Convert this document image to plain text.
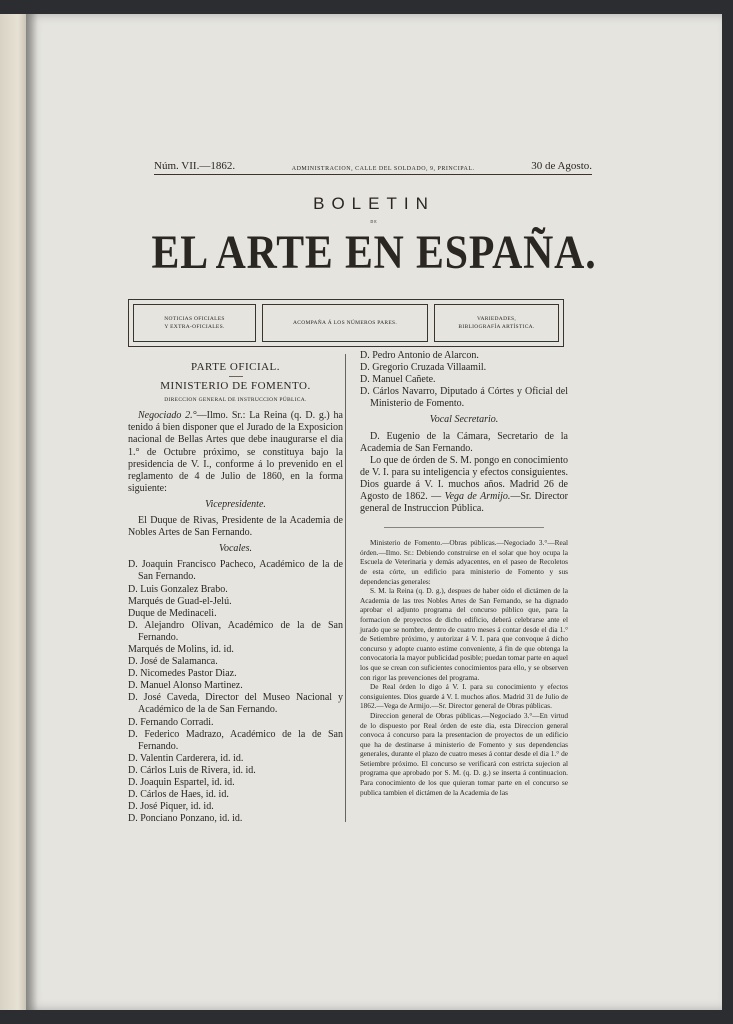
Núm. VII.—1862.	ADMINISTRACION, CALLE DEL SOLDADO, 9, PRINCIPAL.	30 de Agosto.
BOLETIN
DE
EL ARTE EN ESPAÑA.
NOTICIAS OFICIALES
Y EXTRA-OFICIALES.
ACOMPAÑA Á LOS NÚMEROS PARES.
VARIEDADES,
BIBLIOGRAFÍA ARTÍSTICA.
PARTE OFICIAL.
MINISTERIO DE FOMENTO.
DIRECCION GENERAL DE INSTRUCCION PÚBLICA.

Negociado 2.°—Ilmo. Sr.: La Reina (q. D. g.) ha tenido á bien disponer que el Jurado de la Exposicion nacional de Bellas Artes que debe inaugurarse el dia 1.° de Octubre próximo, se constituya bajo la presidencia de V. I., conforme á lo prevenido en el reglamento de 4 de Julio de 1860, en la forma siguiente:

Vicepresidente.

El Duque de Rivas, Presidente de la Academia de Nobles Artes de San Fernando.

Vocales.

D. Joaquin Francisco Pacheco, Académico de la de San Fernando.

D. Luis Gonzalez Brabo.

Marqués de Guad-el-Jelú.

Duque de Medinaceli.

D. Alejandro Olivan, Académico de la de San Fernando.

Marqués de Molins, id. id.

D. José de Salamanca.

D. Nicomedes Pastor Diaz.

D. Manuel Alonso Martinez.

D. José Caveda, Director del Museo Nacional y Académico de la de San Fernando.

D. Fernando Corradi.

D. Federico Madrazo, Académico de la de San Fernando.

D. Valentin Carderera, id. id.

D. Cárlos Luis de Rivera, id. id.

D. Joaquin Espartel, id. id.

D. Cárlos de Haes, id. id.

D. José Piquer, id. id.

D. Ponciano Ponzano, id. id.

D. Pedro Antonio de Alarcon.

D. Gregorio Cruzada Villaamil.

D. Manuel Cañete.

D. Cárlos Navarro, Diputado á Córtes y Oficial del Ministerio de Fomento.

Vocal Secretario.

D. Eugenio de la Cámara, Secretario de la Academia de San Fernando.

Lo que de órden de S. M. pongo en conocimiento de V. I. para su inteligencia y efectos consiguientes. Dios guarde á V. I. muchos años. Madrid 26 de Agosto de 1862. — Vega de Armijo.—Sr. Director general de Instruccion Pública.

Ministerio de Fomento.—Obras públicas.—Negociado 3.°—Real órden.—Ilmo. Sr.: Debiendo construirse en el solar que hoy ocupa la Escuela de Veterinaria y demás adyacentes, en el paseo de Recoletos de esta córte, un edificio para ministerio de Fomento y sus dependencias generales:

S. M. la Reina (q. D. g.), despues de haber oido el dictámen de la Academia de las tres Nobles Artes de San Fernando, se ha dignado aprobar el adjunto programa del concurso público que, para la formacion de proyectos de dicho edificio, deberá celebrarse ante el jurado que se nombre, dentro de cuatro meses á contar desde el dia 1.° de Setiembre próximo, y autorizar á V. I. para que convoque á dicho concurso y adopte cuanto estime conveniente, á fin de que obtenga la convocatoria la mayor publicidad posible; puedan tomar parte en aquel los que se crean con suficientes conocimientos para ello, y se observen con rigor las prevenciones del programa.

De Real órden lo digo á V. I. para su conocimiento y efectos consiguientes. Dios guarde á V. I. muchos años. Madrid 31 de Julio de 1862.—Vega de Armijo.—Sr. Director general de Obras públicas.

Direccion general de Obras públicas.—Negociado 3.°—En virtud de lo dispuesto por Real órden de este dia, esta Direccion general convoca á concurso para la presentacion de proyectos de un edificio que ha de destinarse á ministerio de Fomento y sus dependencias generales, durante el plazo de cuatro meses á contar desde el dia 1.° de Setiembre próximo. El concurso se verificará con estricta sujecion al programa que aprobado por S. M. (q. D. g.) se inserta á continuacion. Para conocimiento de los que quieran tomar parte en el concurso se publica tambien el dictámen de la Academia de las
